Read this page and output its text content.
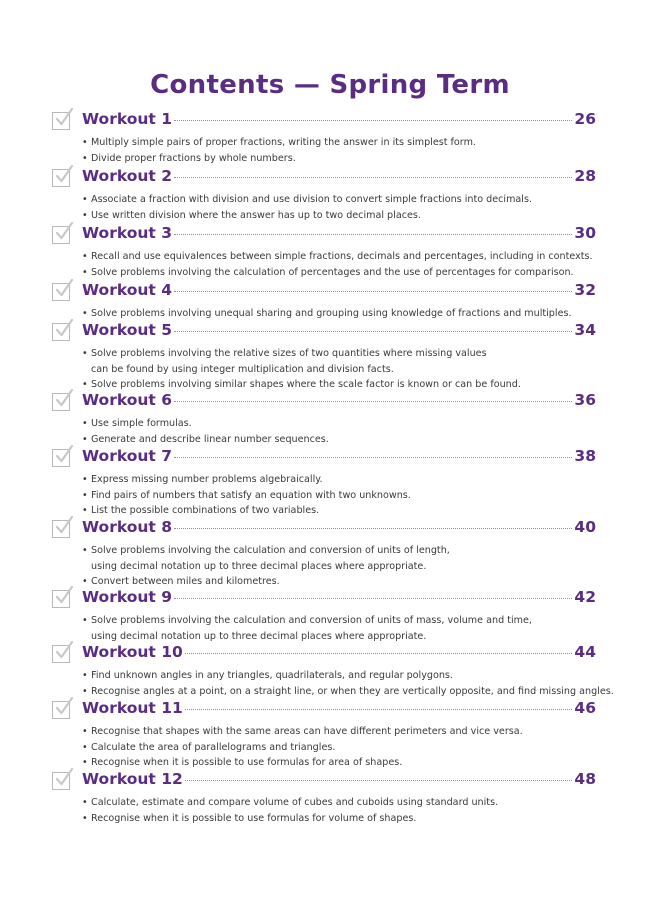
Contents — Spring Term
Workout 1	26
• Multiply simple pairs of proper fractions, writing the answer in its simplest form.
• Divide proper fractions by whole numbers.
Workout 2	28
• Associate a fraction with division and use division to convert simple fractions into decimals.
• Use written division where the answer has up to two decimal places.
Workout 3	30
• Recall and use equivalences between simple fractions, decimals and percentages, including in contexts.
• Solve problems involving the calculation of percentages and the use of percentages for comparison.
Workout 4	32
• Solve problems involving unequal sharing and grouping using knowledge of fractions and multiples.
Workout 5	34
• Solve problems involving the relative sizes of two quantities where missing values
can be found by using integer multiplication and division facts.
• Solve problems involving similar shapes where the scale factor is known or can be found.
Workout 6	36
• Use simple formulas.
• Generate and describe linear number sequences.
Workout 7	38
• Express missing number problems algebraically.
• Find pairs of numbers that satisfy an equation with two unknowns.
• List the possible combinations of two variables.
Workout 8	40
• Solve problems involving the calculation and conversion of units of length,
using decimal notation up to three decimal places where appropriate.
• Convert between miles and kilometres.
Workout 9	42
• Solve problems involving the calculation and conversion of units of mass, volume and time,
using decimal notation up to three decimal places where appropriate.
Workout 10	44
• Find unknown angles in any triangles, quadrilaterals, and regular polygons.
• Recognise angles at a point, on a straight line, or when they are vertically opposite, and find missing angles.
Workout 11	46
• Recognise that shapes with the same areas can have different perimeters and vice versa.
• Calculate the area of parallelograms and triangles.
• Recognise when it is possible to use formulas for area of shapes.
Workout 12	48
• Calculate, estimate and compare volume of cubes and cuboids using standard units.
• Recognise when it is possible to use formulas for volume of shapes.
